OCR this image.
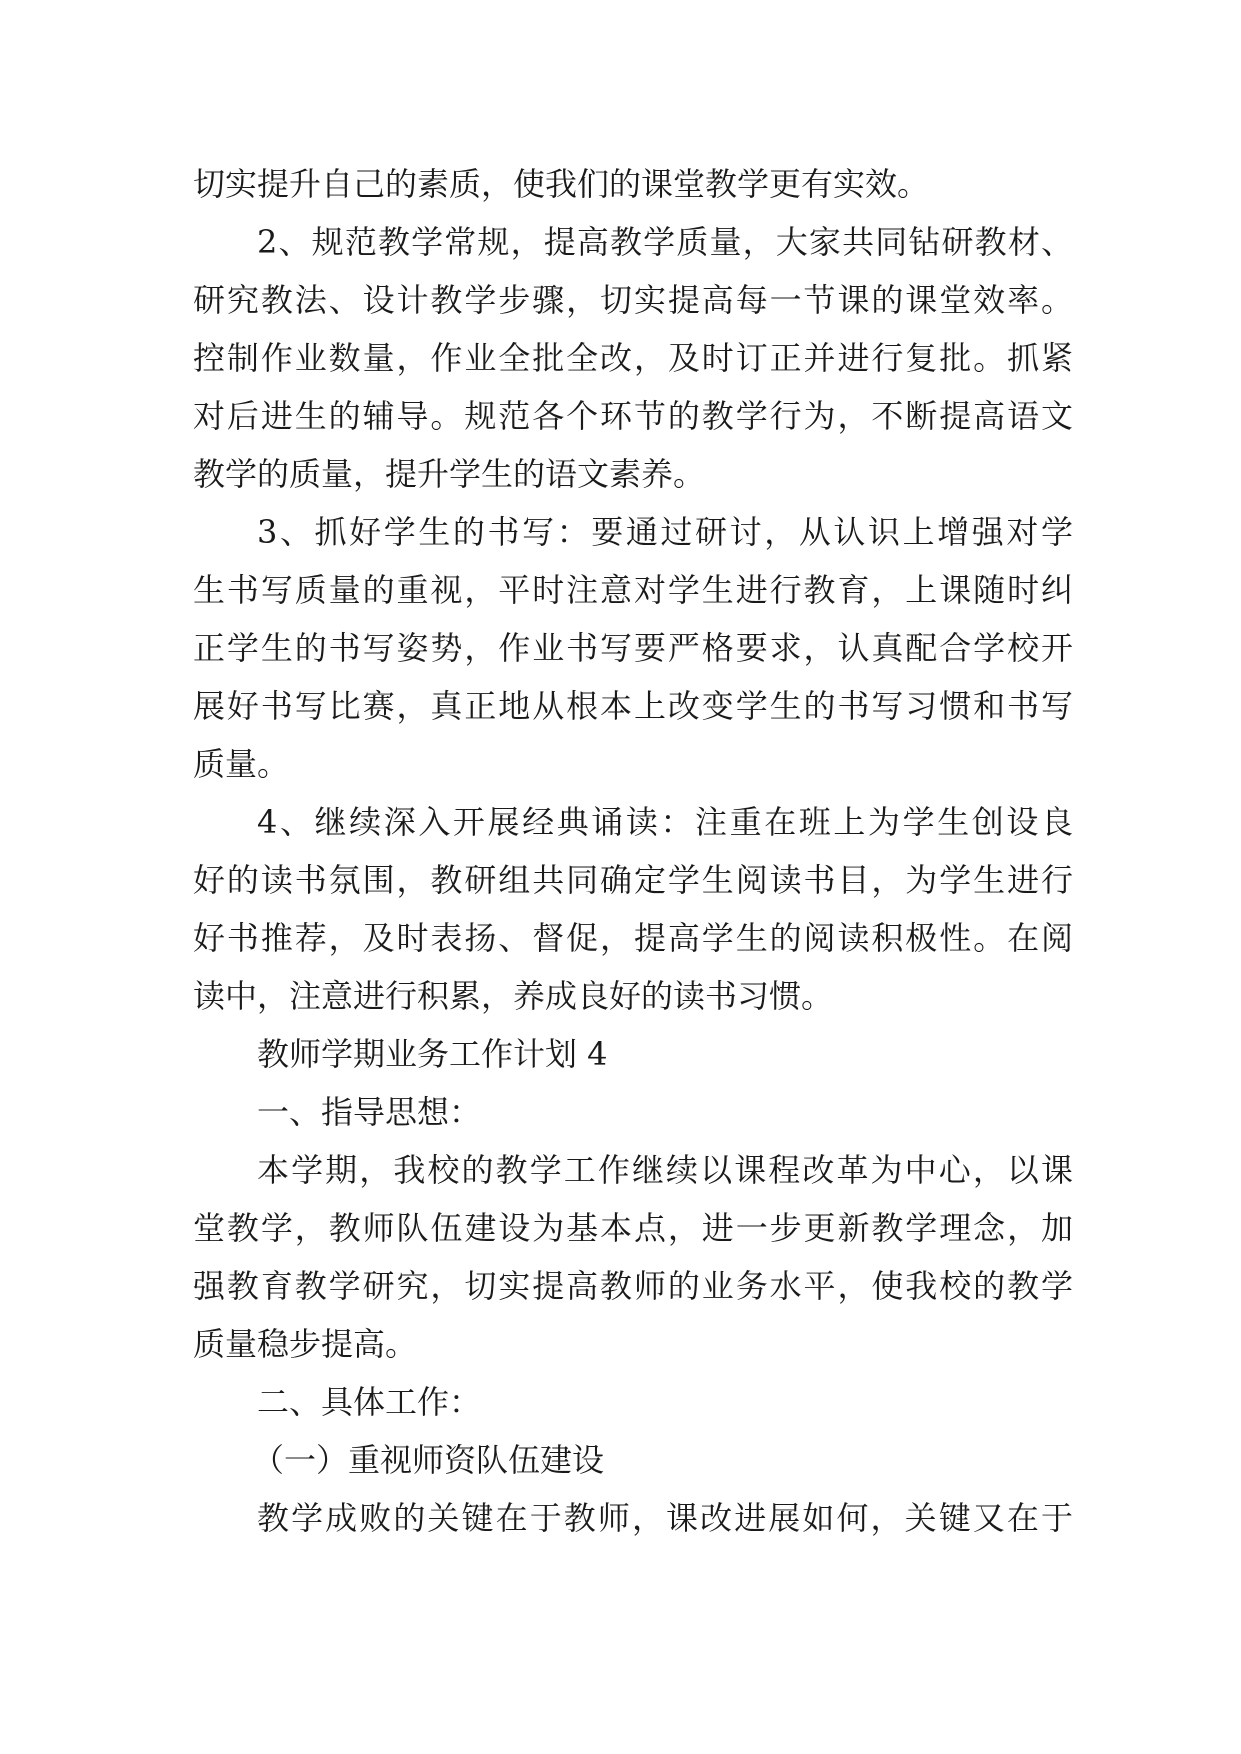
切实提升自己的素质，使我们的课堂教学更有实效。
2、规范教学常规，提高教学质量，大家共同钻研教材、
研究教法、设计教学步骤，切实提高每一节课的课堂效率。
控制作业数量，作业全批全改，及时订正并进行复批。抓紧
对后进生的辅导。规范各个环节的教学行为，不断提高语文
教学的质量，提升学生的语文素养。
3、抓好学生的书写：要通过研讨，从认识上增强对学
生书写质量的重视，平时注意对学生进行教育，上课随时纠
正学生的书写姿势，作业书写要严格要求，认真配合学校开
展好书写比赛，真正地从根本上改变学生的书写习惯和书写
质量。
4、继续深入开展经典诵读：注重在班上为学生创设良
好的读书氛围，教研组共同确定学生阅读书目，为学生进行
好书推荐，及时表扬、督促，提高学生的阅读积极性。在阅
读中，注意进行积累，养成良好的读书习惯。
教师学期业务工作计划 4
一、指导思想：
本学期，我校的教学工作继续以课程改革为中心，以课
堂教学，教师队伍建设为基本点，进一步更新教学理念，加
强教育教学研究，切实提高教师的业务水平，使我校的教学
质量稳步提高。
二、具体工作：
（一）重视师资队伍建设
教学成败的关键在于教师，课改进展如何，关键又在于
